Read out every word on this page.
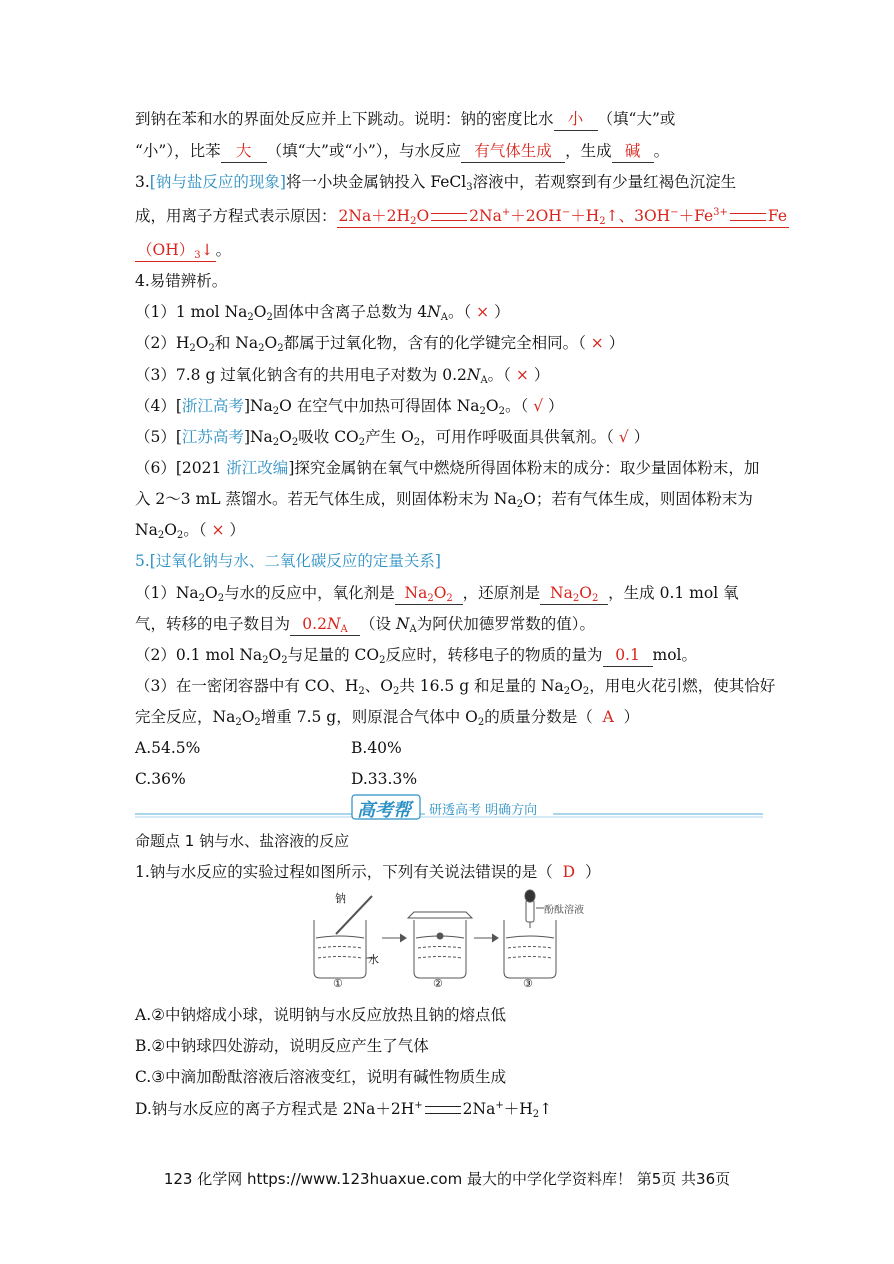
到钠在苯和水的界面处反应并上下跳动。说明：钠的密度比水 小 （填“大”或
“小”），比苯 大 （填“大”或“小”），与水反应 有气体生成 ，生成 碱 。
3.[钠与盐反应的现象]将一小块金属钠投入 FeCl$_3$溶液中，若观察到有少量红褐色沉淀生
成，用离子方程式表示原因： $2Na+2H_2O$	$2Na^++2OH^-+H_2↑$、$3OH^-+Fe^{3+}$	Fe
$(OH)_3↓$ 。
4.易错辨析。
（1）1 mol $Na_2O_2$固体中含离子总数为 $4N_A$。（ × ）
$(2)H_2O_2$和 $Na_2O_2$都属于过氧化物，含有的化学键完全相同。（ × ）
（3）7.8 g 过氧化钠含有的共用电子对数为 $0.2N_A$。（ × ）
（4）[浙江高考]$Na_2O$ 在空气中加热可得固体 $Na_2O_2$。（ √ ）
（5）[江苏高考]$Na_2O_2$吸收 $CO_2$产生 $O_2$，可用作呼吸面具供氧剂。（ √ ）
（6）[2021 浙江改编]探究金属钠在氧气中燃烧所得固体粉末的成分：取少量固体粉末，加
入 2～3 mL 蒸馏水。若无气体生成，则固体粉末为 $Na_2O$；若有气体生成，则固体粉末为
$Na_2O_2$。（ × ）
5.[过氧化钠与水、二氧化碳反应的定量关系]
$(1)Na_2O_2$与水的反应中，氧化剂是 $Na_2O_2$ ，还原剂是 $Na_2O_2$ ，生成 0.1 mol 氧
气，转移的电子数目为 $0.2N_A$ （设 $N_A$为阿伏加德罗常数的值）。
（2）0.1 mol $Na_2O_2$与足量的 $CO_2$反应时，转移电子的物质的量为 0.1 mol。
（3）在一密闭容器中有 CO、$H_2$、$O_2$共 16.5 g 和足量的 $Na_2O_2$，用电火花引燃，使其恰好
完全反应，$Na_2O_2$增重 7.5 g，则原混合气体中 $O_2$的质量分数是（ A ）
A.54.5%	B.40%
C.36%	D.33.3%
高考帮 研透高考 明确方向
命题点 1 钠与水、盐溶液的反应
1.钠与水反应的实验过程如图所示，下列有关说法错误的是（ D ）
钠
水
酚酞溶液
①	②	③
A.②中钠熔成小球，说明钠与水反应放热且钠的熔点低
B.②中钠球四处游动，说明反应产生了气体
C.③中滴加酚酞溶液后溶液变红，说明有碱性物质生成
D.钠与水反应的离子方程式是 2Na＋2H+	$2Na^++H_2↑$
123 化学网 https://www.123huaxue.com 最大的中学化学资料库！ 第5页 共36页
